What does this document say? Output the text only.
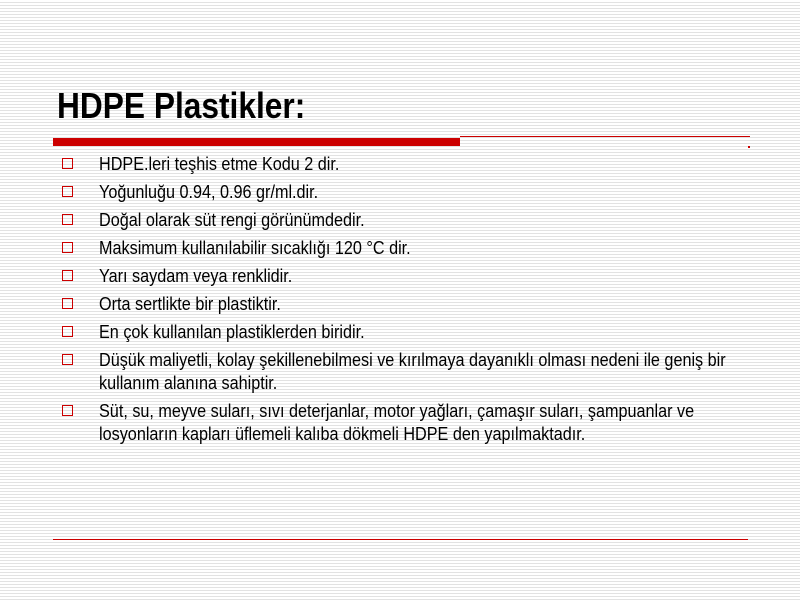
HDPE Plastikler:
HDPE.leri teşhis etme Kodu 2 dir.
Yoğunluğu 0.94, 0.96 gr/ml.dir.
Doğal olarak süt rengi görünümdedir.
Maksimum kullanılabilir sıcaklığı 120 °C dir.
Yarı saydam veya renklidir.
Orta sertlikte bir plastiktir.
En çok kullanılan plastiklerden biridir.
Düşük maliyetli, kolay şekillenebilmesi ve kırılmaya dayanıklı olması nedeni ile geniş bir kullanım alanına sahiptir.
Süt, su, meyve suları, sıvı deterjanlar, motor yağları, çamaşır suları, şampuanlar ve losyonların kapları üflemeli kalıba dökmeli HDPE den yapılmaktadır.
